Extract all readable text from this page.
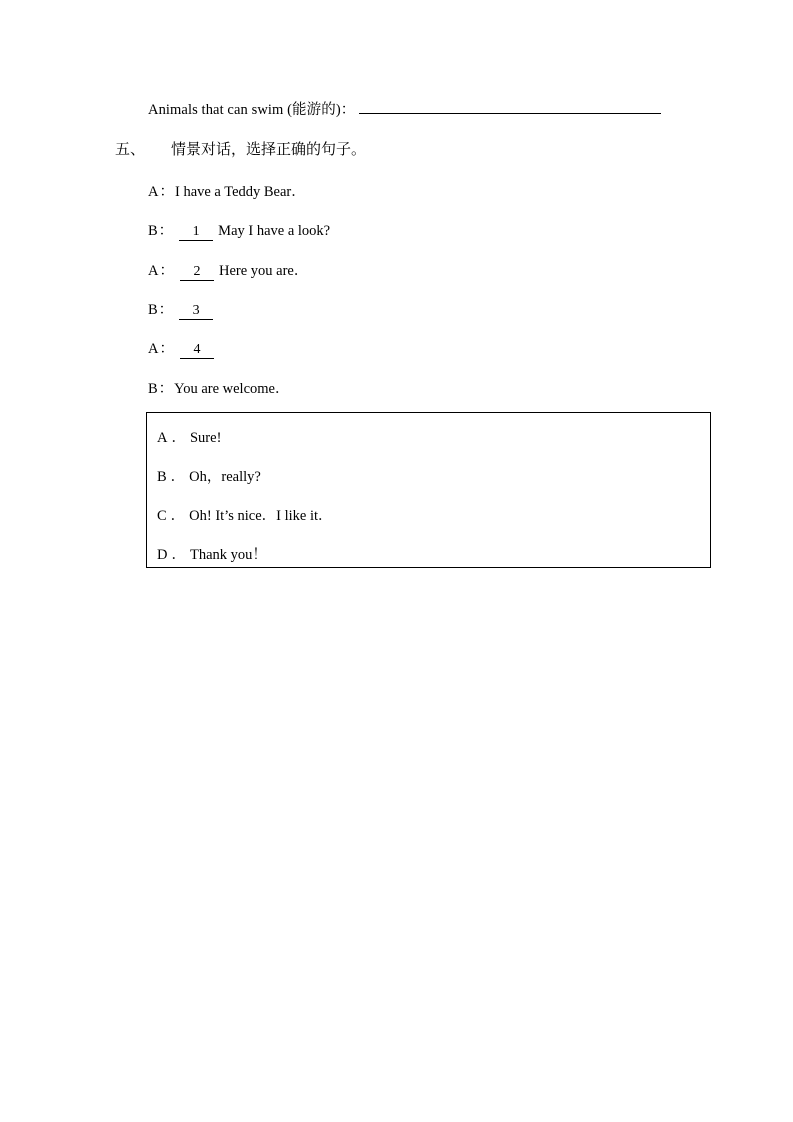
Animals that can swim (能游的)：
五、 情景对话，选择正确的句子。
A ： I have a Teddy Bear．
B ：	1	May I have a look?
A ：	2	Here you are．
B ：	3
A ：	4
B ： You are welcome．
A ． Sure!
B ． Oh，really?
C ． Oh! It’s nice．I like it．
D ． Thank you！
